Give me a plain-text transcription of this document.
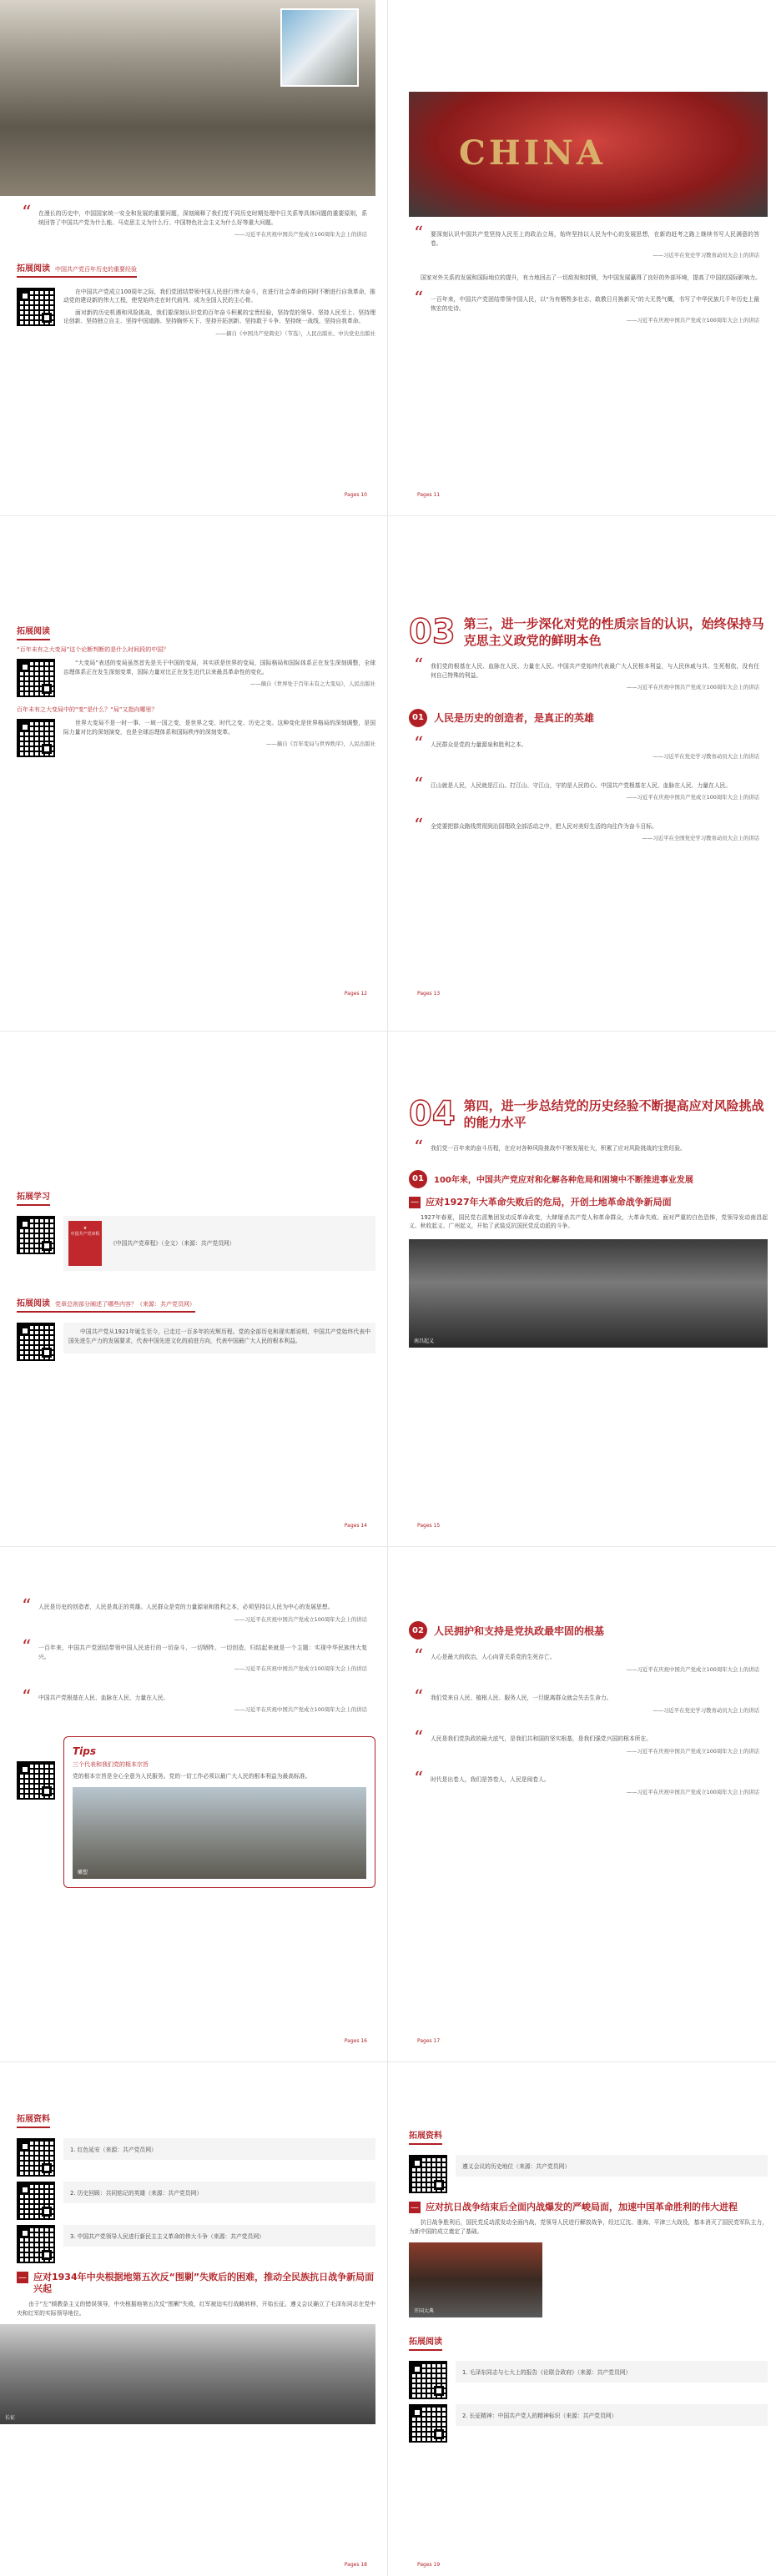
“ 在漫长的历史中，中国国家统一安全和发展的重要问题，深刻阐释了我们党不同历史时期处理中日关系等具体问题的重要原则，系统回答了中国共产党为什么能、马克思主义为什么行、中国特色社会主义为什么好等重大问题。
——习近平在庆祝中国共产党成立100周年大会上的讲话
拓展阅读 中国共产党百年历史的重要经验

在中国共产党成立100周年之际，我们党团结带领中国人民进行伟大奋斗，在进行社会革命的同时不断进行自我革命，推动党的建设新的伟大工程，使党始终走在时代前列、成为全国人民的主心骨。

面对新的历史机遇和风险挑战，我们要深刻认识党的百年奋斗积累的宝贵经验，坚持党的领导、坚持人民至上、坚持理论创新、坚持独立自主、坚持中国道路、坚持胸怀天下、坚持开拓创新、坚持敢于斗争、坚持统一战线、坚持自我革命。

——摘自《中国共产党简史》（节选），人民出版社、中共党史出版社
Pages 10
CHINA
“ 要深刻认识中国共产党坚持人民至上的政治立场，始终坚持以人民为中心的发展思想，在新的赶考之路上继续书写人民满意的答卷。
——习近平在党史学习教育动员大会上的讲话

国家对外关系的发展和国际地位的提升，有力地回击了一切敌视和封锁，为中国发展赢得了良好的外部环境，提高了中国的国际影响力。

“ 一百年来，中国共产党团结带领中国人民，以“为有牺牲多壮志，敢教日月换新天”的大无畏气概，书写了中华民族几千年历史上最恢宏的史诗。
——习近平在庆祝中国共产党成立100周年大会上的讲话
Pages 11
拓展阅读
“百年未有之大变局”这个论断判断的是什么时间段的中国？

“大变局”表述的变局虽然首先是关于中国的变局，其实质是世界的变局，国际格局和国际体系正在发生深刻调整，全球治理体系正在发生深刻变革，国际力量对比正在发生近代以来最具革命性的变化。

——摘自《世界处于百年未有之大变局》，人民出版社
百年未有之大变局中的“变”是什么？“局”又指向哪里？

世界大变局不是一时一事、一域一国之变，是世界之变、时代之变、历史之变。这种变化是世界格局的深刻调整，是国际力量对比的深刻演变，也是全球治理体系和国际秩序的深刻变革。

——摘自《百年变局与世界秩序》，人民出版社
Pages 12
03 第三，进一步深化对党的性质宗旨的认识，始终保持马克思主义政党的鲜明本色
“ 我们党的根基在人民、血脉在人民、力量在人民。中国共产党始终代表最广大人民根本利益，与人民休戚与共、生死相依，没有任何自己特殊的利益。
——习近平在庆祝中国共产党成立100周年大会上的讲话
01	人民是历史的创造者，是真正的英雄
“ 人民群众是党的力量源泉和胜利之本。
——习近平在党史学习教育动员大会上的讲话
“ 江山就是人民，人民就是江山。打江山、守江山，守的是人民的心。中国共产党根基在人民、血脉在人民、力量在人民。
——习近平在庆祝中国共产党成立100周年大会上的讲话
“ 全党要把群众路线贯彻到治国理政全部活动之中，把人民对美好生活的向往作为奋斗目标。
——习近平在全国党史学习教育动员大会上的讲话
Pages 13
拓展学习
★
中国共产党章程
《中国共产党章程》（全文）（来源：共产党员网）
拓展阅读 党章总则部分阐述了哪些内容？（来源：共产党员网）

中国共产党从1921年诞生至今，已走过一百多年的光辉历程。党的全部历史和现实都说明，中国共产党始终代表中国先进生产力的发展要求，代表中国先进文化的前进方向，代表中国最广大人民的根本利益。

Pages 14
04 第四，进一步总结党的历史经验不断提高应对风险挑战的能力水平
“ 我们党一百年来的奋斗历程，在应对各种风险挑战中不断发展壮大，积累了应对风险挑战的宝贵经验。
01	100年来，中国共产党应对和化解各种危局和困境中不断推进事业发展
— 应对1927年大革命失败后的危局，开创土地革命战争新局面

1927年春夏，国民党右派集团发动反革命政变，大肆屠杀共产党人和革命群众，大革命失败。面对严重的白色恐怖，党领导发动南昌起义、秋收起义、广州起义，开始了武装反抗国民党反动派的斗争。

南昌起义
Pages 15
“ 人民是历史的创造者，人民是真正的英雄。人民群众是党的力量源泉和胜利之本，必须坚持以人民为中心的发展思想。
——习近平在庆祝中国共产党成立100周年大会上的讲话
“ 一百年来，中国共产党团结带领中国人民进行的一切奋斗、一切牺牲、一切创造，归结起来就是一个主题：实现中华民族伟大复兴。
——习近平在庆祝中国共产党成立100周年大会上的讲话
“ 中国共产党根基在人民、血脉在人民、力量在人民。
——习近平在庆祝中国共产党成立100周年大会上的讲话
Tips
三个代表和我们党的根本宗旨
党的根本宗旨是全心全意为人民服务。党的一切工作必须以最广大人民的根本利益为最高标准。
雕塑
Pages 16
02	人民拥护和支持是党执政最牢固的根基
“ 人心是最大的政治，人心向背关系党的生死存亡。
——习近平在庆祝中国共产党成立100周年大会上的讲话
“ 我们党来自人民、植根人民、服务人民，一旦脱离群众就会失去生命力。
——习近平在党史学习教育动员大会上的讲话
“ 人民是我们党执政的最大底气，是我们共和国的坚实根基，是我们强党兴国的根本所在。
——习近平在庆祝中国共产党成立100周年大会上的讲话
“ 时代是出卷人，我们是答卷人，人民是阅卷人。
——习近平在庆祝中国共产党成立100周年大会上的讲话
Pages 17
拓展资料
1. 红色延安（来源：共产党员网）
2. 历史回顾：共同铭记的英雄（来源：共产党员网）
3. 中国共产党领导人民进行新民主主义革命的伟大斗争（来源：共产党员网）
— 应对1934年中央根据地第五次反“围剿”失败后的困难，推动全民族抗日战争新局面兴起

由于“左”倾教条主义的错误领导，中央根据地第五次反“围剿”失败，红军被迫实行战略转移，开始长征。遵义会议确立了毛泽东同志在党中央和红军的实际领导地位。

长征
Pages 18
拓展资料
遵义会议的历史地位（来源：共产党员网）
— 应对抗日战争结束后全面内战爆发的严峻局面，加速中国革命胜利的伟大进程

抗日战争胜利后，国民党反动派发动全面内战，党领导人民进行解放战争，经过辽沈、淮海、平津三大战役，基本消灭了国民党军队主力，为新中国的成立奠定了基础。

开国大典
拓展阅读
1. 毛泽东同志与七大上的报告《论联合政府》（来源：共产党员网）
2. 长征精神：中国共产党人的精神标识（来源：共产党员网）
Pages 19
